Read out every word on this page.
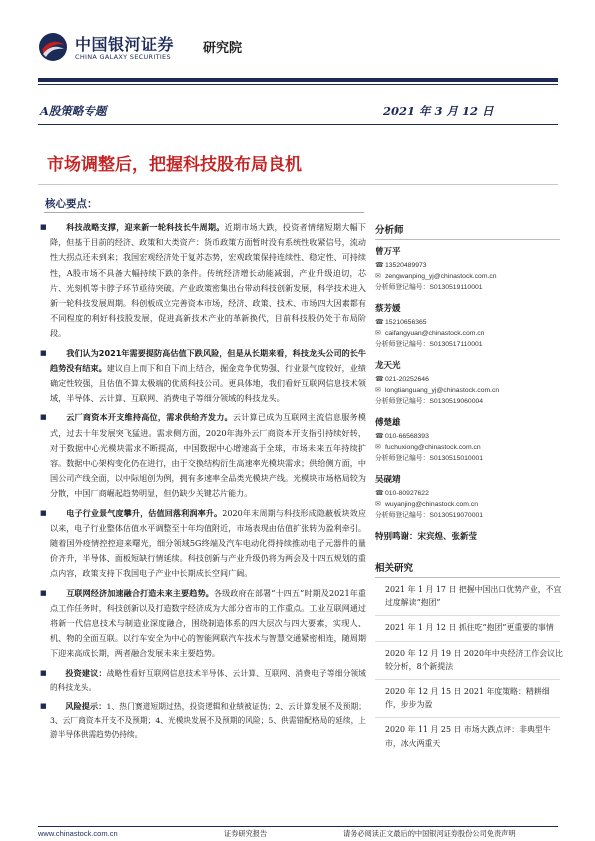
中国银河证券
CHINA GALAXY SECURITIES
研究院
A股策略专题	2021 年 3 月 12 日
市场调整后，把握科技股布局良机
核心要点：

■ 科技战略支撑，迎来新一轮科技长牛周期。近期市场大跌，投资者情绪短期大幅下降，但基于目前的经济、政策和大类资产：货币政策方面暂时没有系统性收紧信号，流动性大拐点还未到来；我国宏观经济处于复苏态势，宏观政策保持连续性、稳定性、可持续性，A股市场不具备大幅持续下跌的条件。传统经济增长动能减弱，产业升级迫切，芯片、光刻机等卡脖子环节亟待突破。产业政策密集出台带动科技创新发展，科学技术进入新一轮科技发展周期。科创板成立完善资本市场，经济、政策、技术、市场四大因素都有不同程度的利好科技股发展，促进高新技术产业的革新换代，目前科技股仍处于布局阶段。

■ 我们认为2021年需要提防高估值下跌风险，但是从长期来看，科技龙头公司的长牛趋势没有结束。建议自上而下和自下而上结合，掘金竞争优势强、行业景气度较好，业绩确定性较强，且估值不算太极端的优质科技公司。更具体地，我们看好互联网信息技术领域，半导体、云计算、互联网、消费电子等细分领域的科技龙头。

■ 云厂商资本开支维持高位，需求供给齐发力。云计算已成为互联网主流信息服务模式，过去十年发展突飞猛进。需求侧方面，2020年海外云厂商资本开支指引持续好转，对于数据中心光模块需求不断提高，中国数据中心增速高于全球，市场未来五年持续扩容。数据中心架构变化仍在进行，由于交换结构衍生高速率光模块需求；供给侧方面，中国公司产线全面，以中际旭创为例，拥有多速率全品类光模块产线。光模块市场格局较为分散，中国厂商崛起趋势明显，但仍缺少关键芯片能力。

■ 电子行业景气度攀升，估值回落利润率升。2020年末周期与科技形成隐蔽板块效应以来，电子行业整体估值水平调整至十年均值附近，市场表现由估值扩张转为盈利牵引。随着国外疫情控控迎来曙光，细分领域5G终端及汽车电动化得持续推动电子元器件的量价齐升，半导体、面板短缺行情延续。科技创新与产业升级仍将为两会及十四五规划的重点内容，政策支持下我国电子产业中长期成长空间广阔。

■ 互联网经济加速融合打造未来主要趋势。各级政府在部署“十四五”时期及2021年重点工作任务时，科技创新以及打造数字经济成为大部分省市的工作重点。工业互联网通过将新一代信息技术与制造业深度融合，围绕制造体系的四大层次与四大要素，实现人、机、物的全面互联。以行车安全为中心的智能网联汽车技术与智慧交通紧密相连，随周期下迎来高成长期，两者融合发展未来主要趋势。

■ 投资建议：战略性看好互联网信息技术半导体、云计算、互联网、消费电子等细分领域的科技龙头。

■ 风险提示：1、热门赛道短期过热，投资逻辑和业绩被证伪；2、云计算发展不及预期；3、云厂商资本开支不及预期；4、光模块发展不及预期的风险；5、供需错配格局的延续，上游半导体供需趋势仍持续。

分析师
曾万平
☎13520489973
✉ zengwanping_yj@chinastock.com.cn
分析师登记编号：S0130519110001
蔡芳媛
☎15210656365
✉ caifangyuan@chinastock.com.cn
分析师登记编号：S0130517110001
龙天光
☎021-20252646
✉ longtianguang_yj@chinastock.com.cn
分析师登记编号：S0130519060004
傅楚雄
☎010-66568393
✉ fuchuxiong@chinastock.com.cn
分析师登记编号：S0130515010001
吴砚靖
☎010-80927622
✉ wuyanjing@chinastock.com.cn
分析师登记编号：S0130519070001
特别鸣谢：宋宾煌、张新莹
相关研究
2021 年 1 月 17 日 把握中国出口优势产业，不宜过度解读“抱团”
2021 年 1 月 12 日 抓住吃“抱团”更重要的事情
2020 年 12 月 19 日 2020年中央经济工作会议比较分析，8个新提法
2020 年 12 月 15 日 2021 年度策略：精耕细作，步步为盈
2020 年 11 月 25 日 市场大跌点评：非典型牛市，冰火两重天
www.chinastock.com.cn	证券研究报告	请务必阅读正文最后的中国银河证券股份公司免责声明
